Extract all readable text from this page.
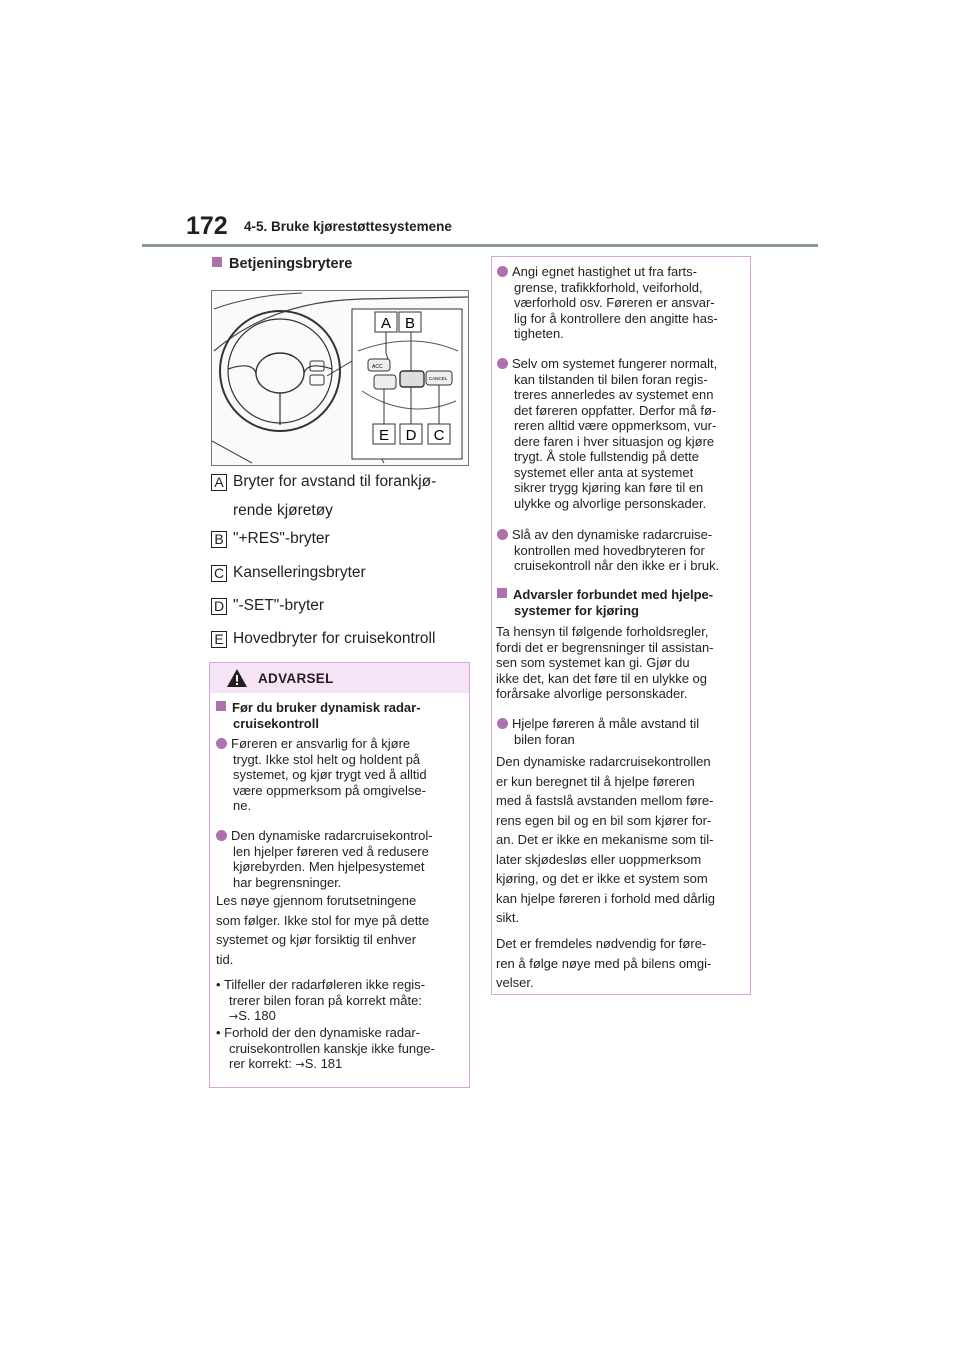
172 4-5. Bruke kjørestøttesystemene
Betjeningsbrytere
ACC
CANCEL
A B
E D C
A Bryter for avstand til forankjø-
rende kjøretøy
B "+RES"-bryter
C Kanselleringsbryter
D "-SET"-bryter
E Hovedbryter for cruisekontroll
ADVARSEL
Før du bruker dynamisk radar-
cruisekontroll
Føreren er ansvarlig for å kjøre
trygt. Ikke stol helt og holdent på
systemet, og kjør trygt ved å alltid
være oppmerksom på omgivelse-
ne.
Den dynamiske radarcruisekontrol-
len hjelper føreren ved å redusere
kjørebyrden. Men hjelpesystemet
har begrensninger.
Les nøye gjennom forutsetningene
som følger. Ikke stol for mye på dette
systemet og kjør forsiktig til enhver
tid.
• Tilfeller der radarføleren ikke regis-
trerer bilen foran på korrekt måte:
→S. 180
• Forhold der den dynamiske radar-
cruisekontrollen kanskje ikke funge-
rer korrekt: →S. 181
Angi egnet hastighet ut fra farts-
grense, trafikkforhold, veiforhold,
værforhold osv. Føreren er ansvar-
lig for å kontrollere den angitte has-
tigheten.
Selv om systemet fungerer normalt,
kan tilstanden til bilen foran regis-
treres annerledes av systemet enn
det føreren oppfatter. Derfor må fø-
reren alltid være oppmerksom, vur-
dere faren i hver situasjon og kjøre
trygt. Å stole fullstendig på dette
systemet eller anta at systemet
sikrer trygg kjøring kan føre til en
ulykke og alvorlige personskader.
Slå av den dynamiske radarcruise-
kontrollen med hovedbryteren for
cruisekontroll når den ikke er i bruk.
Advarsler forbundet med hjelpe-
systemer for kjøring
Ta hensyn til følgende forholdsregler,
fordi det er begrensninger til assistan-
sen som systemet kan gi. Gjør du
ikke det, kan det føre til en ulykke og
forårsake alvorlige personskader.
Hjelpe føreren å måle avstand til
bilen foran
Den dynamiske radarcruisekontrollen
er kun beregnet til å hjelpe føreren
med å fastslå avstanden mellom føre-
rens egen bil og en bil som kjører for-
an. Det er ikke en mekanisme som til-
later skjødesløs eller uoppmerksom
kjøring, og det er ikke et system som
kan hjelpe føreren i forhold med dårlig
sikt.
Det er fremdeles nødvendig for føre-
ren å følge nøye med på bilens omgi-
velser.
